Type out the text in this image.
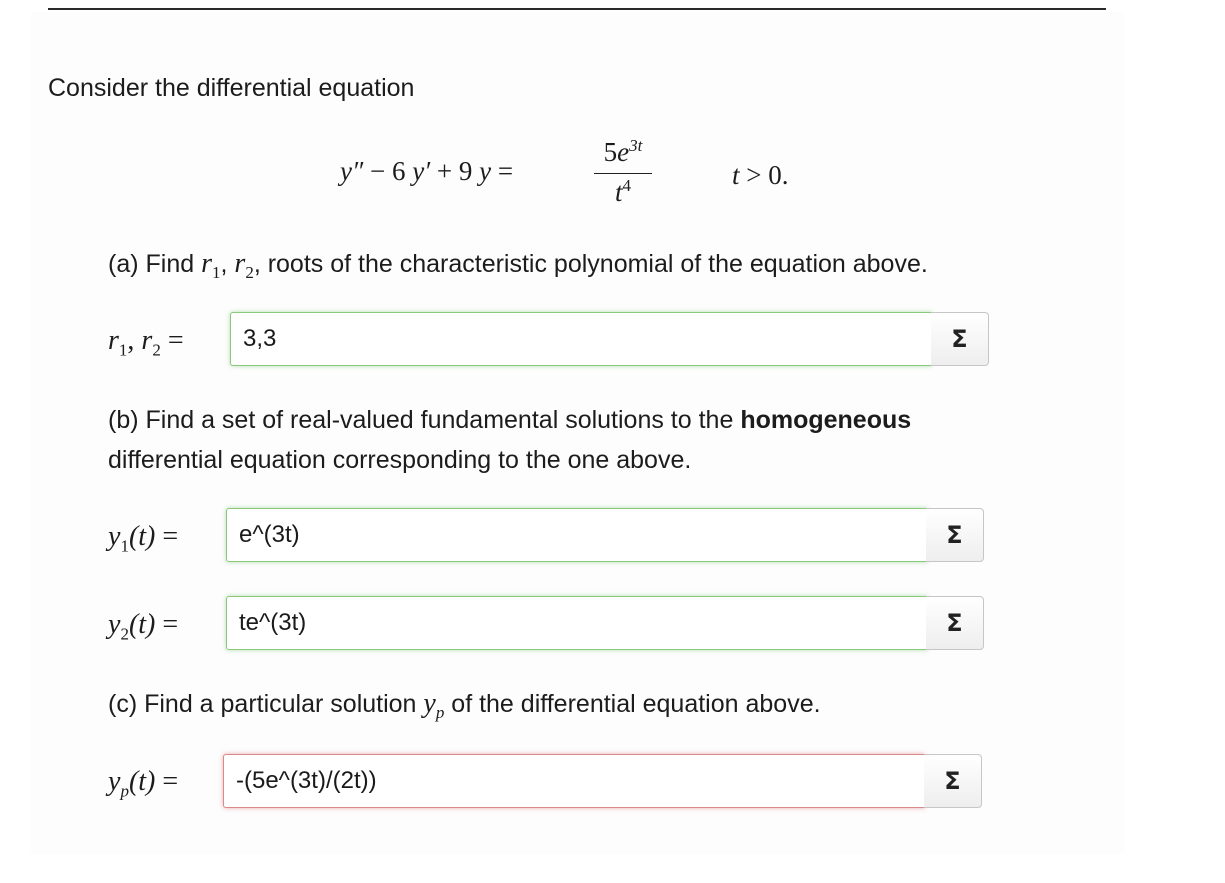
Consider the differential equation
y″ − 6 y′ + 9 y =
$5e^{3t}$
$t^4$	t > 0.
(a) Find $r_1$, $r_2$, roots of the characteristic polynomial of the equation above.
$r_1$, $r_2$ =
3,3	Σ
(b) Find a set of real-valued fundamental solutions to the homogeneous
differential equation corresponding to the one above.
$y_1(t)$ =
e^(3t)	Σ
$y_2(t)$ =
te^(3t)	Σ
(c) Find a particular solution $y_p$ of the differential equation above.
$y_p(t)$ =
-(5e^(3t)/(2t))	Σ
